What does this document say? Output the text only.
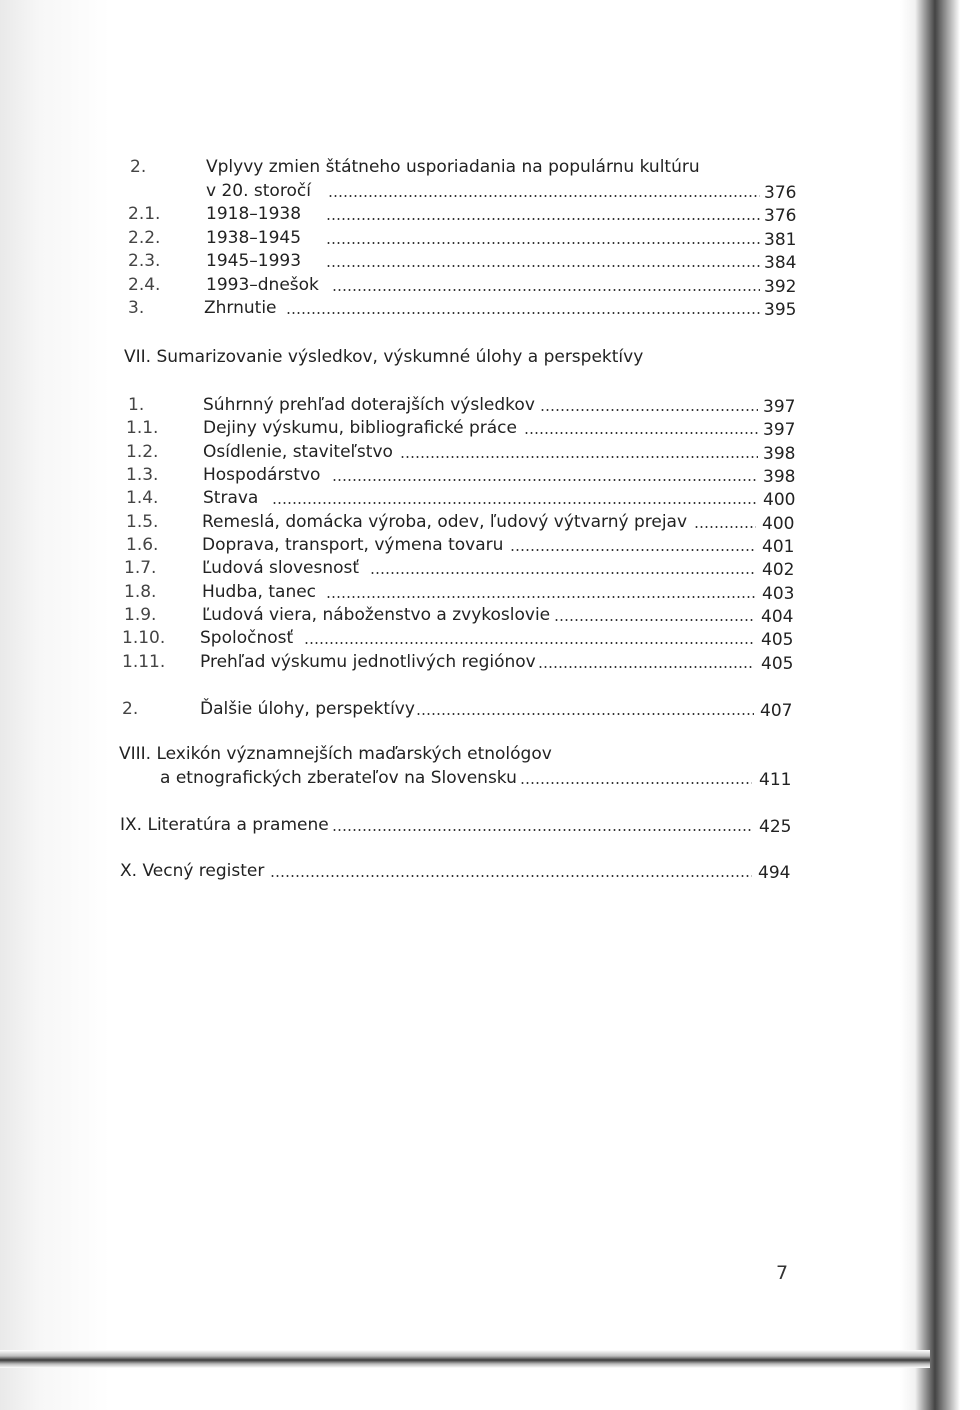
2.	Vplyvy zmien štátneho usporiadania na populárnu kultúru
v 20. storočí	376
2.1.	1918–1938	376
2.2.	1938–1945	381
2.3.	1945–1993	384
2.4.	1993–dnešok	392
3.	Zhrnutie	395
VII. Sumarizovanie výsledkov, výskumné úlohy a perspektívy
1.	Súhrnný prehľad doterajších výsledkov	397
1.1.	Dejiny výskumu, bibliografické práce	397
1.2.	Osídlenie, staviteľstvo	398
1.3.	Hospodárstvo	398
1.4.	Strava	400
1.5.	Remeslá, domácka výroba, odev, ľudový výtvarný prejav	400
1.6.	Doprava, transport, výmena tovaru	401
1.7.	Ľudová slovesnosť	402
1.8.	Hudba, tanec	403
1.9.	Ľudová viera, náboženstvo a zvykoslovie	404
1.10. Spoločnosť	405
1.11. Prehľad výskumu jednotlivých regiónov	405
2.	Ďalšie úlohy, perspektívy	407
VIII. Lexikón významnejších maďarských etnológov
a etnografických zberateľov na Slovensku	411
IX. Literatúra a pramene	425
X. Vecný register	494
7
